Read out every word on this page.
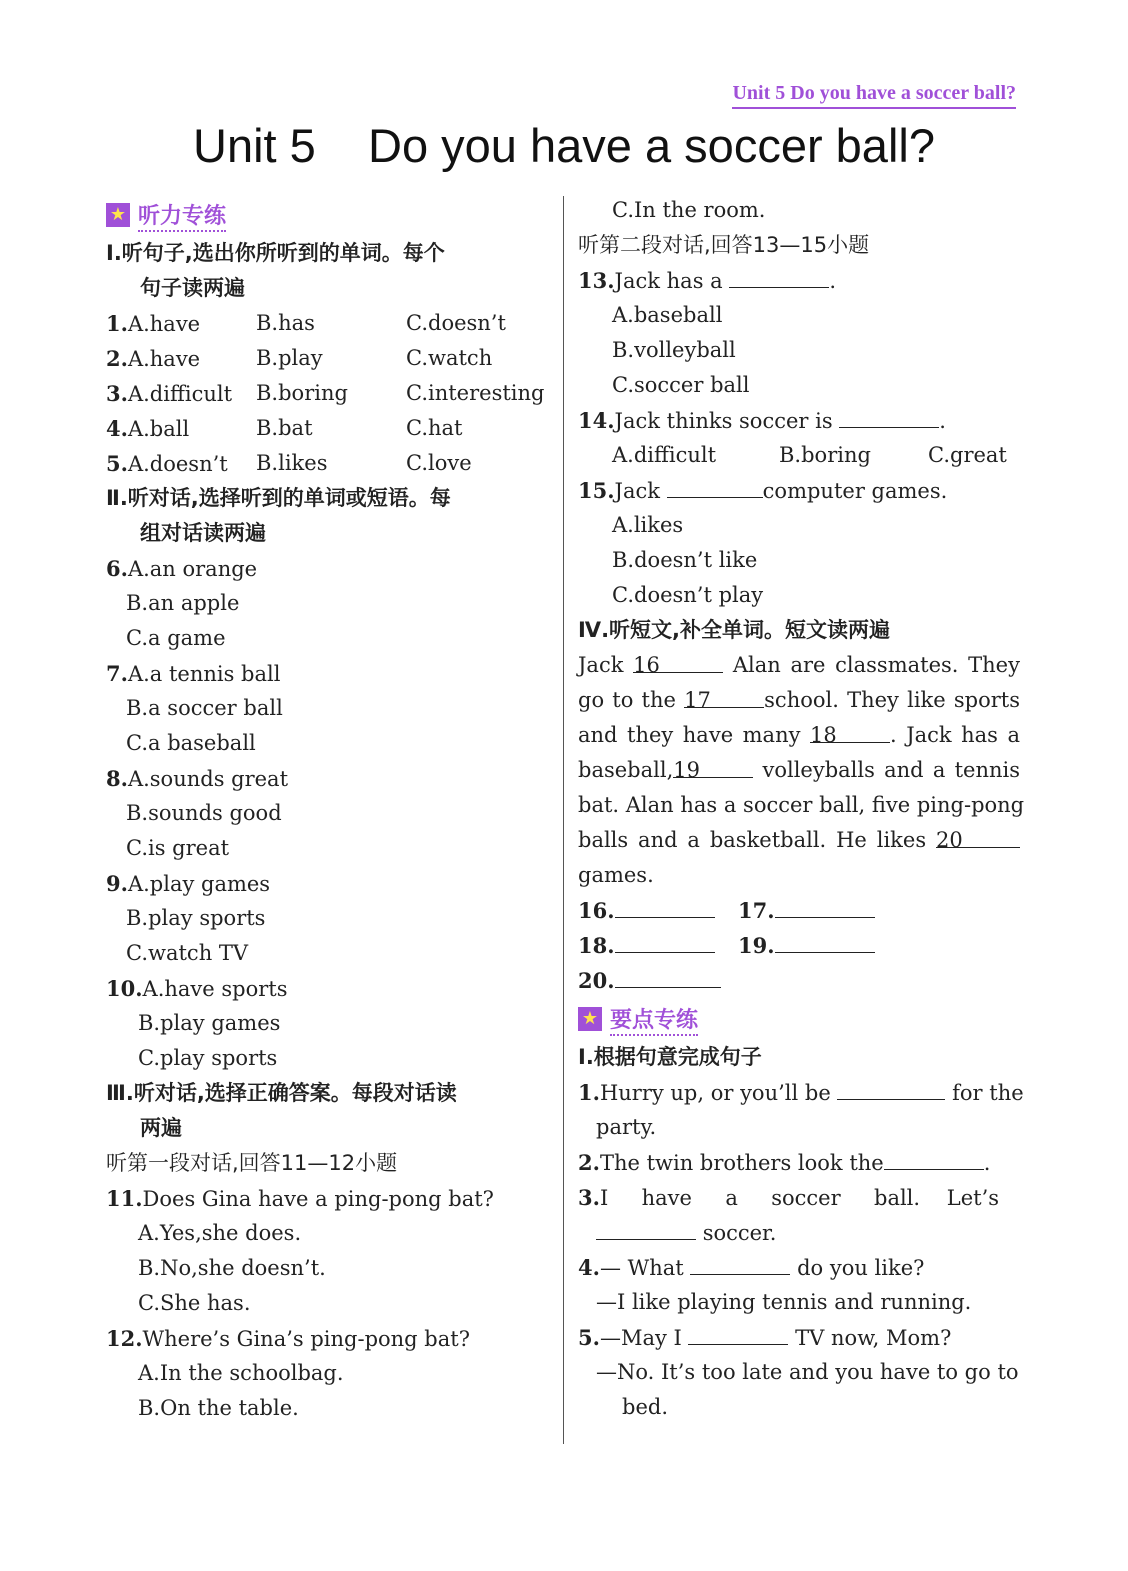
Unit 5 Do you have a soccer ball?
Unit 5    Do you have a soccer ball?
★ 听力专练
Ⅰ.听句子,选出你所听到的单词。每个
句子读两遍
1.A.have	B.has	C.doesn’t
2.A.have	B.play	C.watch
3.A.difficult	B.boring	C.interesting
4.A.ball	B.bat	C.hat
5.A.doesn’t	B.likes	C.love
Ⅱ.听对话,选择听到的单词或短语。每
组对话读两遍
6.A.an orange
B.an apple
C.a game
7.A.a tennis ball
B.a soccer ball
C.a baseball
8.A.sounds great
B.sounds good
C.is great
9.A.play games
B.play sports
C.watch TV
10.A.have sports
B.play games
C.play sports
Ⅲ.听对话,选择正确答案。每段对话读
两遍
听第一段对话,回答11—12小题
11.Does Gina have a ping-pong bat?
A.Yes,she does.
B.No,she doesn’t.
C.She has.
12.Where’s Gina’s ping-pong bat?
A.In the schoolbag.
B.On the table.
C.In the room.
听第二段对话,回答13—15小题
13.Jack has a	.
A.baseball
B.volleyball
C.soccer ball
14.Jack thinks soccer is	.
A.difficult	B.boring	C.great
15.Jack	computer games.
A.likes
B.doesn’t like
C.doesn’t play
Ⅳ.听短文,补全单词。短文读两遍
Jack 16	Alan are classmates. They
go to the 17	school. They like sports
and they have many 18	. Jack has a
baseball,19	volleyballs and a tennis
bat. Alan has a soccer ball, five ping-pong
balls and a basketball. He likes 20
games.
16.	17.
18.	19.
20.
★ 要点专练
Ⅰ.根据句意完成句子
1.Hurry up, or you’ll be	for the
party.
2.The twin brothers look the	.
3.I     have     a     soccer     ball.    Let’s
soccer.
4.— What	do you like?
—I like playing tennis and running.
5.—May I	TV now, Mom?
—No. It’s too late and you have to go to
bed.
